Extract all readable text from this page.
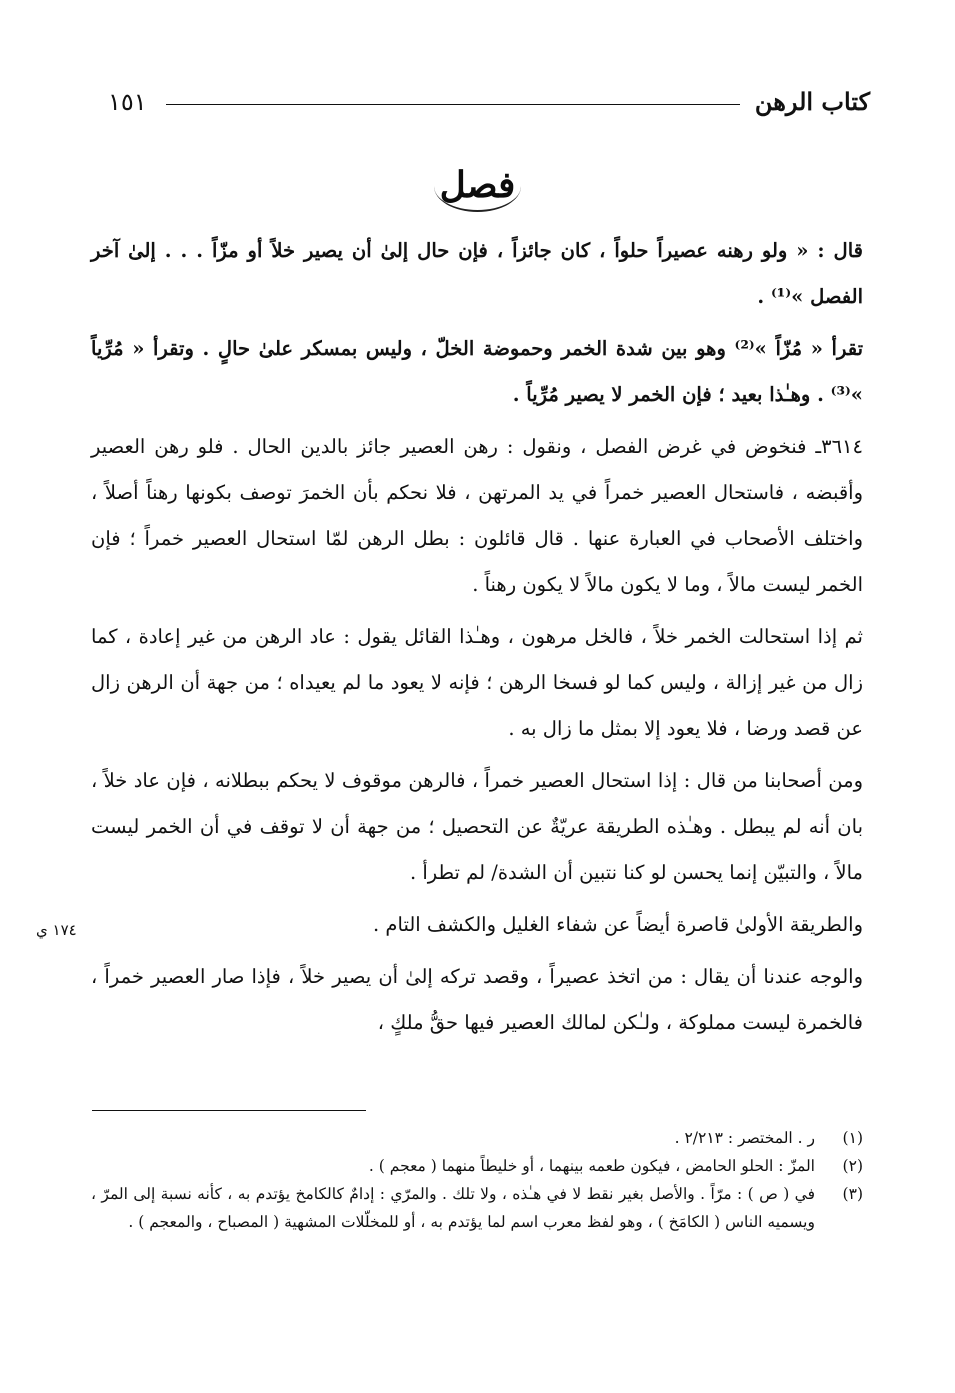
كتاب الرهن
١٥١
فصل

قال : « ولو رهنه عصيراً حلواً ، كان جائزاً ، فإن حال إلىٰ أن يصير خلاً أو مزّاً . . . إلىٰ آخر الفصل »⁽¹⁾ .

تقرأ « مُزّاً »⁽²⁾ وهو بين شدة الخمر وحموضة الخلّ ، وليس بمسكر علىٰ حالٍ . وتقرأ « مُرِّياً »⁽³⁾ . وهـٰذا بعيد ؛ فإن الخمر لا يصير مُرِّياً .

٣٦١٤ـ فنخوض في غرض الفصل ، ونقول : رهن العصير جائز بالدين الحال . فلو رهن العصير وأقبضه ، فاستحال العصير خمراً في يد المرتهن ، فلا نحكم بأن الخمرَ توصف بكونها رهناً أصلاً ، واختلف الأصحاب في العبارة عنها . قال قائلون : بطل الرهن لمّا استحال العصير خمراً ؛ فإن الخمر ليست مالاً ، وما لا يكون مالاً لا يكون رهناً .

ثم إذا استحالت الخمر خلاً ، فالخل مرهون ، وهـٰذا القائل يقول : عاد الرهن من غير إعادة ، كما زال من غير إزالة ، وليس كما لو فسخا الرهن ؛ فإنه لا يعود ما لم يعيداه ؛ من جهة أن الرهن زال عن قصد ورضا ، فلا يعود إلا بمثل ما زال به .

ومن أصحابنا من قال : إذا استحال العصير خمراً ، فالرهن موقوف لا يحكم ببطلانه ، فإن عاد خلاً ، بان أنه لم يبطل . وهـٰذه الطريقة عريّةٌ عن التحصيل ؛ من جهة أن لا توقف في أن الخمر ليست مالاً ، والتبيّن إنما يحسن لو كنا نتبين أن الشدة/ لم تطرأ .

والطريقة الأولىٰ قاصرة أيضاً عن شفاء الغليل والكشف التام .

والوجه عندنا أن يقال : من اتخذ عصيراً ، وقصد تركه إلىٰ أن يصير خلاً ، فإذا صار العصير خمراً ، فالخمرة ليست مملوكة ، ولـٰكن لمالك العصير فيها حقُّ ملكٍ ،

١٧٤ ي
(١)
ر . المختصر : ٢/٢١٣ .
(٢)
المزّ : الحلو الحامض ، فيكون طعمه بينهما ، أو خليطاً منهما ( معجم ) .
(٣)
في ( ص ) : مرّاً . والأصل بغير نقط لا في هـٰذه ، ولا تلك . والمرّي : إدامٌ كالكامخ يؤتدم به ، كأنه نسبة إلى المرّ ، ويسميه الناس ( الكامَخ ) ، وهو لفظ معرب اسم لما يؤتدم به ، أو للمخلّلات المشهية ( المصباح ، والمعجم ) .
